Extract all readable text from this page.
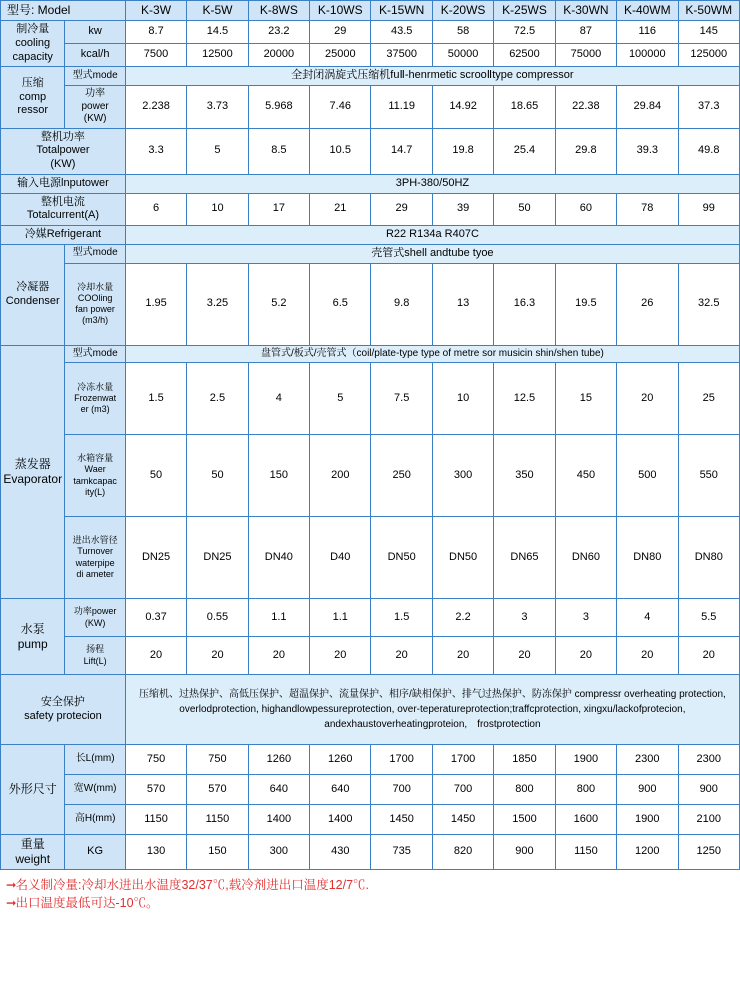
型号: Model		K-3W	K-5W	K-8WS	K-10WS	K-15WN	K-20WS	K-25WS	K-30WN	K-40WM	K-50WM

制冷量
cooling
capacity	kw	8.7	14.5	23.2	29	43.5	58	72.5	87	116	145
	kcal/h	7500	12500	20000	25000	37500	50000	62500	75000	100000	125000

压缩
comp
ressor	型式mode	全封闭涡旋式压缩机fuⅡ-henrmetic scrooⅡtype compressor									

	功率
power
(KW)	2.238	3.73	5.968	7.46	11.19	14.92	18.65	22.38	29.84	37.3

整机功率
Totalpower
(KW)		3.3	5	8.5	10.5	14.7	19.8	25.4	29.8	39.3	49.8
输入电源lnputower		3PH-380/50HZ									

整机电流
Totalcurrent(A)		6	10	17	21	29	39	50	60	78	99
冷媒Refrigerant		R22 R134a R407C									

冷凝器
Condenser	型式mode	壳管式shell andtube tyoe									

	冷却水量
COOling
fan power
(m3/h)	1.95	3.25	5.2	6.5	9.8	13	16.3	19.5	26	32.5

蒸发器
Evaporator	型式mode	盘管式/板式/壳管式（coil/plate-type type of metre sor musicin shin/shen tube)									

	冷冻水量
Frozenwat
er (m3)	1.5	2.5	4	5	7.5	10	12.5	15	20	25

	水箱容量
Waer
tamkcapac
ity(L)	50	50	150	200	250	300	350	450	500	550

	进出水管径
Turnover
waterpipe
di ameter	DN25	DN25	DN40	D40	DN50	DN50	DN65	DN60	DN80	DN80

水泵
pump

功率power
(KW)	0.37	0.55	1.1	1.1	1.5	2.2	3	3	4	5.5

	扬程
Lift(L)	20	20	20	20	20	20	20	20	20	20

安全保护
safety protecion		压缩机、过热保护、高低压保护、超温保护、流量保护、相序/缺相保护、排气过热保护、防冻保护 compressr overheating protection, overlodprotection, highandlowpessureprotection, over-teperatureprotection;traffcprotection, xingxu/lackofprotecion, andexhaustoverheatingproteion,　frostprotection									
外形尺寸	长L(mm)	750	750	1260	1260	1700	1700	1850	1900	2300	2300
	宽W(mm)	570	570	640	640	700	700	800	800	900	900
	高H(mm)	1150	1150	1400	1400	1450	1450	1500	1600	1900	2100

重量
weight	KG	130	150	300	430	735	820	900	1150	1200	1250
➞名义制冷量:冷却水进出水温度32/37℃,载冷剂进出口温度12/7℃.
➞出口温度最低可达-10℃。
